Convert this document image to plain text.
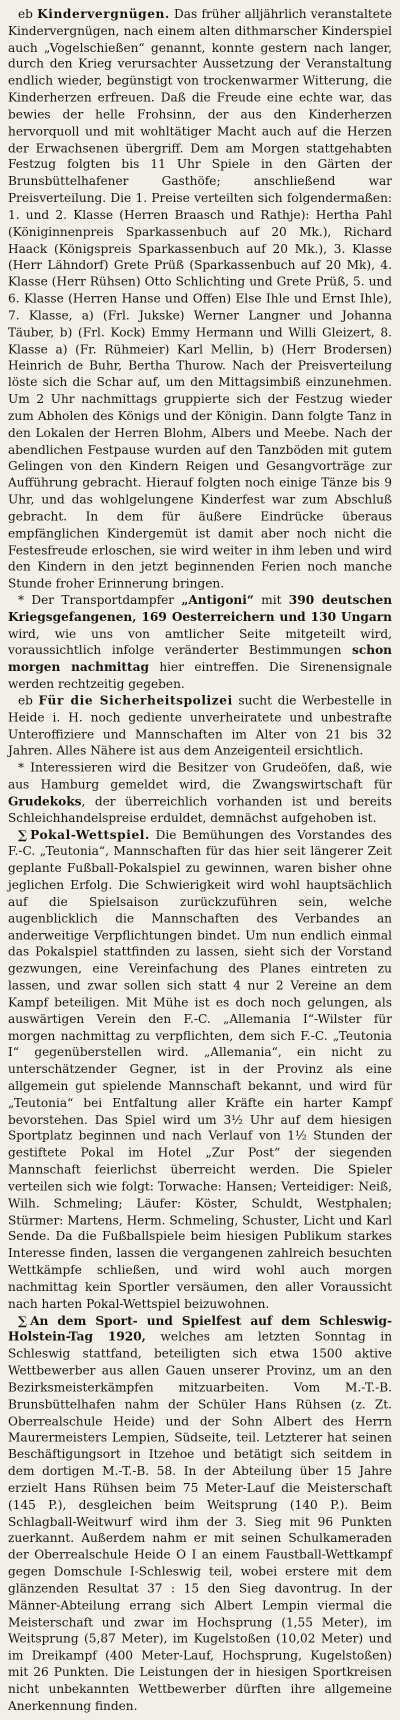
eb Kindervergnügen. Das früher alljährlich veranstaltete Kindervergnügen, nach einem alten dithmarscher Kinderspiel auch „Vogelschießen“ genannt, konnte gestern nach langer, durch den Krieg verursachter Aussetzung der Veranstaltung endlich wieder, begünstigt von trockenwarmer Witterung, die Kinderherzen erfreuen. Daß die Freude eine echte war, das bewies der helle Frohsinn, der aus den Kinderherzen hervorquoll und mit wohltätiger Macht auch auf die Herzen der Erwachsenen übergriff. Dem am Morgen stattgehabten Festzug folgten bis 11 Uhr Spiele in den Gärten der Brunsbüttelhafener Gasthöfe; anschließend war Preisverteilung. Die 1. Preise verteilten sich folgendermaßen: 1. und 2. Klasse (Herren Braasch und Rathje): Hertha Pahl (Königinnenpreis Sparkassenbuch auf 20 Mk.), Richard Haack (Königspreis Sparkassenbuch auf 20 Mk.), 3. Klasse (Herr Lähndorf) Grete Prüß (Sparkassenbuch auf 20 Mk), 4. Klasse (Herr Rühsen) Otto Schlichting und Grete Prüß, 5. und 6. Klasse (Herren Hanse und Offen) Else Ihle und Ernst Ihle), 7. Klasse, a) (Frl. Jukske) Werner Langner und Johanna Täuber, b) (Frl. Kock) Emmy Hermann und Willi Gleizert, 8. Klasse a) (Fr. Rühmeier) Karl Mellin, b) (Herr Brodersen) Heinrich de Buhr, Bertha Thurow. Nach der Preisverteilung löste sich die Schar auf, um den Mittagsimbiß einzunehmen. Um 2 Uhr nachmittags gruppierte sich der Festzug wieder zum Abholen des Königs und der Königin. Dann folgte Tanz in den Lokalen der Herren Blohm, Albers und Meebe. Nach der abendlichen Festpause wurden auf den Tanzböden mit gutem Gelingen von den Kindern Reigen und Gesangvorträge zur Aufführung gebracht. Hierauf folgten noch einige Tänze bis 9 Uhr, und das wohlgelungene Kinderfest war zum Abschluß gebracht. In dem für äußere Eindrücke überaus empfänglichen Kindergemüt ist damit aber noch nicht die Festesfreude erloschen, sie wird weiter in ihm leben und wird den Kindern in den jetzt beginnenden Ferien noch manche Stunde froher Erinnerung bringen.

* Der Transportdampfer „Antigoni“ mit 390 deutschen Kriegsgefangenen, 169 Oesterreichern und 130 Ungarn wird, wie uns von amtlicher Seite mitgeteilt wird, voraussichtlich infolge veränderter Bestimmungen schon morgen nachmittag hier eintreffen. Die Sirenensignale werden rechtzeitig gegeben.

eb Für die Sicherheitspolizei sucht die Werbestelle in Heide i. H. noch gediente unverheiratete und unbestrafte Unteroffiziere und Mannschaften im Alter von 21 bis 32 Jahren. Alles Nähere ist aus dem Anzeigenteil ersichtlich.

* Interessieren wird die Besitzer von Grudeöfen, daß, wie aus Hamburg gemeldet wird, die Zwangswirtschaft für Grudekoks, der überreichlich vorhanden ist und bereits Schleichhandelspreise erduldet, demnächst aufgehoben ist.

∑ Pokal-Wettspiel. Die Bemühungen des Vorstandes des F.-C. „Teutonia“, Mannschaften für das hier seit längerer Zeit geplante Fußball-Pokalspiel zu gewinnen, waren bisher ohne jeglichen Erfolg. Die Schwierigkeit wird wohl hauptsächlich auf die Spielsaison zurückzuführen sein, welche augenblicklich die Mannschaften des Verbandes an anderweitige Verpflichtungen bindet. Um nun endlich einmal das Pokalspiel stattfinden zu lassen, sieht sich der Vorstand gezwungen, eine Vereinfachung des Planes eintreten zu lassen, und zwar sollen sich statt 4 nur 2 Vereine an dem Kampf beteiligen. Mit Mühe ist es doch noch gelungen, als auswärtigen Verein den F.-C. „Allemania I“-Wilster für morgen nachmittag zu verpflichten, dem sich F.-C. „Teutonia I“ gegenüberstellen wird. „Allemania“, ein nicht zu unterschätzender Gegner, ist in der Provinz als eine allgemein gut spielende Mannschaft bekannt, und wird für „Teutonia“ bei Entfaltung aller Kräfte ein harter Kampf bevorstehen. Das Spiel wird um 3½ Uhr auf dem hiesigen Sportplatz beginnen und nach Verlauf von 1½ Stunden der gestiftete Pokal im Hotel „Zur Post“ der siegenden Mannschaft feierlichst überreicht werden. Die Spieler verteilen sich wie folgt: Torwache: Hansen; Verteidiger: Neiß, Wilh. Schmeling; Läufer: Köster, Schuldt, Westphalen; Stürmer: Martens, Herm. Schmeling, Schuster, Licht und Karl Sende. Da die Fußballspiele beim hiesigen Publikum starkes Interesse finden, lassen die vergangenen zahlreich besuchten Wettkämpfe schließen, und wird wohl auch morgen nachmittag kein Sportler versäumen, den aller Voraussicht nach harten Pokal-Wettspiel beizuwohnen.

∑ An dem Sport- und Spielfest auf dem Schleswig-Holstein-Tag 1920, welches am letzten Sonntag in Schleswig stattfand, beteiligten sich etwa 1500 aktive Wettbewerber aus allen Gauen unserer Provinz, um an den Bezirksmeisterkämpfen mitzuarbeiten. Vom M.-T.-B. Brunsbüttelhafen nahm der Schüler Hans Rühsen (z. Zt. Oberrealschule Heide) und der Sohn Albert des Herrn Maurermeisters Lempien, Südseite, teil. Letzterer hat seinen Beschäftigungsort in Itzehoe und betätigt sich seitdem in dem dortigen M.-T.-B. 58. In der Abteilung über 15 Jahre erzielt Hans Rühsen beim 75 Meter-Lauf die Meisterschaft (145 P.), desgleichen beim Weitsprung (140 P.). Beim Schlagball-Weitwurf wird ihm der 3. Sieg mit 96 Punkten zuerkannt. Außerdem nahm er mit seinen Schulkameraden der Oberrealschule Heide O I an einem Faustball-Wettkampf gegen Domschule I-Schleswig teil, wobei erstere mit dem glänzenden Resultat 37 : 15 den Sieg davontrug. In der Männer-Abteilung errang sich Albert Lempin viermal die Meisterschaft und zwar im Hochsprung (1,55 Meter), im Weitsprung (5,87 Meter), im Kugelstoßen (10,02 Meter) und im Dreikampf (400 Meter-Lauf, Hochsprung, Kugelstoßen) mit 26 Punkten. Die Leistungen der in hiesigen Sportkreisen nicht unbekannten Wettbewerber dürften ihre allgemeine Anerkennung finden.
